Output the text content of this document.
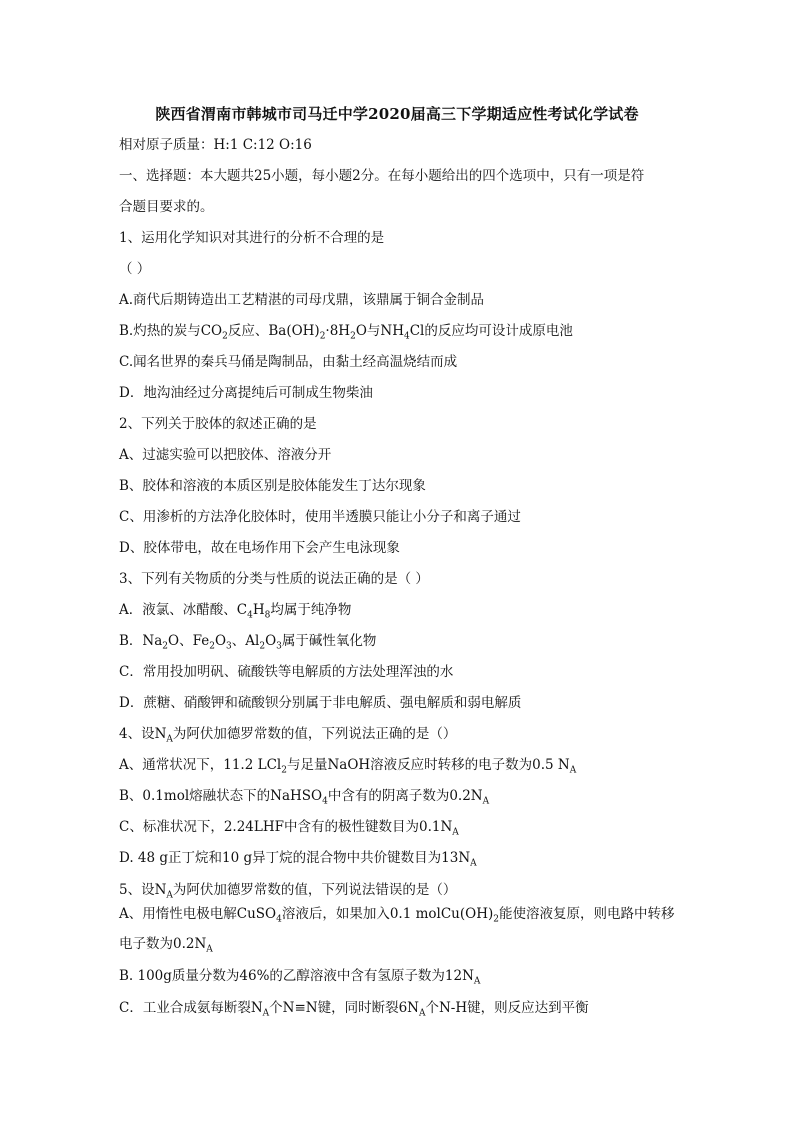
陕西省渭南市韩城市司马迁中学2020届高三下学期适应性考试化学试卷
相对原子质量：H:1 C:12 O:16
一、选择题：本大题共25小题，每小题2分。在每小题给出的四个选项中，只有一项是符
合题目要求的。
1、运用化学知识对其进行的分析不合理的是
（ ）
A.商代后期铸造出工艺精湛的司母戊鼎，该鼎属于铜合金制品
B.灼热的炭与$CO_2$反应、$Ba(OH)_2\cdot 8H_2O$与$NH_4Cl$的反应均可设计成原电池
C.闻名世界的秦兵马俑是陶制品，由黏土经高温烧结而成
D．地沟油经过分离提纯后可制成生物柴油
2、下列关于胶体的叙述正确的是
A、过滤实验可以把胶体、溶液分开
B、胶体和溶液的本质区别是胶体能发生丁达尔现象
C、用渗析的方法净化胶体时，使用半透膜只能让小分子和离子通过
D、胶体带电，故在电场作用下会产生电泳现象
3、下列有关物质的分类与性质的说法正确的是（ ）
A．液氯、冰醋酸、$C_4H_8$均属于纯净物
B．$Na_2O$、$Fe_2O_3$、$Al_2O_3$属于碱性氧化物
C．常用投加明矾、硫酸铁等电解质的方法处理浑浊的水
D．蔗糖、硝酸钾和硫酸钡分别属于非电解质、强电解质和弱电解质
4、设$N_A$为阿伏加德罗常数的值，下列说法正确的是（）
A、通常状况下，11.2 LCl$_2$与足量NaOH溶液反应时转移的电子数为0.5 $N_A$
B、0.1mol熔融状态下的NaHSO$_4$中含有的阴离子数为$0.2N_A$
C、标准状况下，2.24LHF中含有的极性键数目为$0.1N_A$
D. 48 g正丁烷和10 g异丁烷的混合物中共价键数目为$13N_A$
5、设$N_A$为阿伏加德罗常数的值，下列说法错误的是（）
A、用惰性电极电解CuSO$_4$溶液后，如果加入0.1 $molCu(OH)_2$能使溶液复原，则电路中转移
电子数为$0.2N_A$
B. 100g质量分数为46%的乙醇溶液中含有氢原子数为$12N_A$
C．工业合成氨每断裂$N_A$个N≡N键，同时断裂$6N_A$个N-H键，则反应达到平衡
